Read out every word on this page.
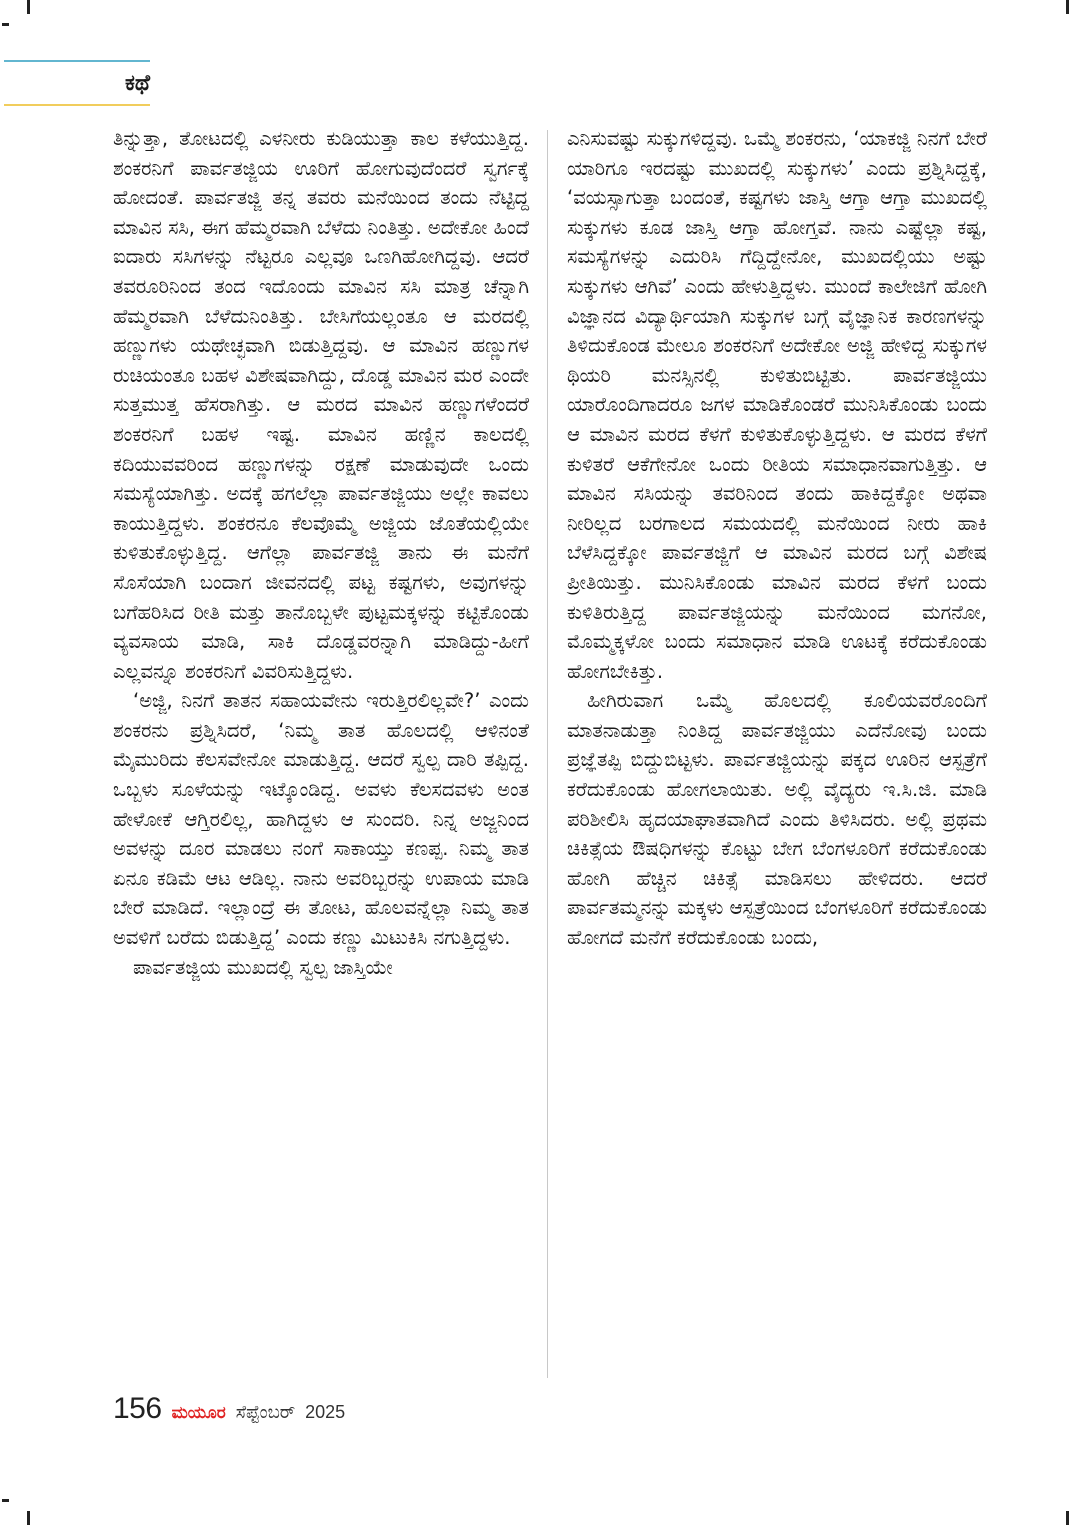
ಕಥೆ

ತಿನ್ನುತ್ತಾ, ತೋಟದಲ್ಲಿ ಎಳನೀರು ಕುಡಿಯುತ್ತಾ ಕಾಲ ಕಳೆಯುತ್ತಿದ್ದ. ಶಂಕರನಿಗೆ ಪಾರ್ವತಜ್ಜಿಯ ಊರಿಗೆ ಹೋಗುವುದೆಂದರೆ ಸ್ವರ್ಗಕ್ಕೆ ಹೋದಂತೆ. ಪಾರ್ವತಜ್ಜಿ ತನ್ನ ತವರು ಮನೆಯಿಂದ ತಂದು ನೆಟ್ಟಿದ್ದ ಮಾವಿನ ಸಸಿ, ಈಗ ಹೆಮ್ಮರವಾಗಿ ಬೆಳೆದು ನಿಂತಿತ್ತು. ಅದೇಕೋ ಹಿಂದೆ ಐದಾರು ಸಸಿಗಳನ್ನು ನೆಟ್ಟರೂ ಎಲ್ಲವೂ ಒಣಗಿಹೋಗಿದ್ದವು. ಆದರೆ ತವರೂರಿನಿಂದ ತಂದ ಇದೊಂದು ಮಾವಿನ ಸಸಿ ಮಾತ್ರ ಚೆನ್ನಾಗಿ ಹೆಮ್ಮರವಾಗಿ ಬೆಳೆದುನಿಂತಿತ್ತು. ಬೇಸಿಗೆಯಲ್ಲಂತೂ ಆ ಮರದಲ್ಲಿ ಹಣ್ಣುಗಳು ಯಥೇಚ್ಛವಾಗಿ ಬಿಡುತ್ತಿದ್ದವು. ಆ ಮಾವಿನ ಹಣ್ಣುಗಳ ರುಚಿಯಂತೂ ಬಹಳ ವಿಶೇಷವಾಗಿದ್ದು, ದೊಡ್ಡ ಮಾವಿನ ಮರ ಎಂದೇ ಸುತ್ತಮುತ್ತ ಹೆಸರಾಗಿತ್ತು. ಆ ಮರದ ಮಾವಿನ ಹಣ್ಣುಗಳೆಂದರೆ ಶಂಕರನಿಗೆ ಬಹಳ ಇಷ್ಟ. ಮಾವಿನ ಹಣ್ಣಿನ ಕಾಲದಲ್ಲಿ ಕದಿಯುವವರಿಂದ ಹಣ್ಣುಗಳನ್ನು ರಕ್ಷಣೆ ಮಾಡುವುದೇ ಒಂದು ಸಮಸ್ಯೆಯಾಗಿತ್ತು. ಅದಕ್ಕೆ ಹಗಲೆಲ್ಲಾ ಪಾರ್ವತಜ್ಜಿಯು ಅಲ್ಲೇ ಕಾವಲು ಕಾಯುತ್ತಿದ್ದಳು. ಶಂಕರನೂ ಕೆಲವೊಮ್ಮೆ ಅಜ್ಜಿಯ ಜೊತೆಯಲ್ಲಿಯೇ ಕುಳಿತುಕೊಳ್ಳುತ್ತಿದ್ದ. ಆಗೆಲ್ಲಾ ಪಾರ್ವತಜ್ಜಿ ತಾನು ಈ ಮನೆಗೆ ಸೊಸೆಯಾಗಿ ಬಂದಾಗ ಜೀವನದಲ್ಲಿ ಪಟ್ಟ ಕಷ್ಟಗಳು, ಅವುಗಳನ್ನು ಬಗೆಹರಿಸಿದ ರೀತಿ ಮತ್ತು ತಾನೊಬ್ಬಳೇ ಪುಟ್ಟಮಕ್ಕಳನ್ನು ಕಟ್ಟಿಕೊಂಡು ವ್ಯವಸಾಯ ಮಾಡಿ, ಸಾಕಿ ದೊಡ್ಡವರನ್ನಾಗಿ ಮಾಡಿದ್ದು-ಹೀಗೆ ಎಲ್ಲವನ್ನೂ ಶಂಕರನಿಗೆ ವಿವರಿಸುತ್ತಿದ್ದಳು.

‘ಅಜ್ಜಿ, ನಿನಗೆ ತಾತನ ಸಹಾಯವೇನು ಇರುತ್ತಿರಲಿಲ್ಲವೇ?’ ಎಂದು ಶಂಕರನು ಪ್ರಶ್ನಿಸಿದರೆ, ‘ನಿಮ್ಮ ತಾತ ಹೊಲದಲ್ಲಿ ಆಳಿನಂತೆ ಮೈಮುರಿದು ಕೆಲಸವೇನೋ ಮಾಡುತ್ತಿದ್ದ. ಆದರೆ ಸ್ವಲ್ಪ ದಾರಿ ತಪ್ಪಿದ್ದ. ಒಬ್ಬಳು ಸೂಳೆಯನ್ನು ಇಟ್ಕೊಂಡಿದ್ದ. ಅವಳು ಕೆಲಸದವಳು ಅಂತ ಹೇಳೋಕೆ ಆಗ್ತಿರಲಿಲ್ಲ, ಹಾಗಿದ್ದಳು ಆ ಸುಂದರಿ. ನಿನ್ನ ಅಜ್ಜನಿಂದ ಅವಳನ್ನು ದೂರ ಮಾಡಲು ನಂಗೆ ಸಾಕಾಯ್ತು ಕಣಪ್ಪ. ನಿಮ್ಮ ತಾತ ಏನೂ ಕಡಿಮೆ ಆಟ ಆಡಿಲ್ಲ. ನಾನು ಅವರಿಬ್ಬರನ್ನು ಉಪಾಯ ಮಾಡಿ ಬೇರೆ ಮಾಡಿದೆ. ಇಲ್ಲಾಂದ್ರೆ ಈ ತೋಟ, ಹೊಲವನ್ನೆಲ್ಲಾ ನಿಮ್ಮ ತಾತ ಅವಳಿಗೆ ಬರೆದು ಬಿಡುತ್ತಿದ್ದ’ ಎಂದು ಕಣ್ಣು ಮಿಟುಕಿಸಿ ನಗುತ್ತಿದ್ದಳು.

ಪಾರ್ವತಜ್ಜಿಯ ಮುಖದಲ್ಲಿ ಸ್ವಲ್ಪ ಜಾಸ್ತಿಯೇ

ಎನಿಸುವಷ್ಟು ಸುಕ್ಕುಗಳಿದ್ದವು. ಒಮ್ಮೆ ಶಂಕರನು, ‘ಯಾಕಜ್ಜಿ ನಿನಗೆ ಬೇರೆ ಯಾರಿಗೂ ಇರದಷ್ಟು ಮುಖದಲ್ಲಿ ಸುಕ್ಕುಗಳು’ ಎಂದು ಪ್ರಶ್ನಿಸಿದ್ದಕ್ಕೆ, ‘ವಯಸ್ಸಾಗುತ್ತಾ ಬಂದಂತೆ, ಕಷ್ಟಗಳು ಜಾಸ್ತಿ ಆಗ್ತಾ ಆಗ್ತಾ ಮುಖದಲ್ಲಿ ಸುಕ್ಕುಗಳು ಕೂಡ ಜಾಸ್ತಿ ಆಗ್ತಾ ಹೋಗ್ತವೆ. ನಾನು ಎಷ್ಟೆಲ್ಲಾ ಕಷ್ಟ, ಸಮಸ್ಯೆಗಳನ್ನು ಎದುರಿಸಿ ಗೆದ್ದಿದ್ದೇನೋ, ಮುಖದಲ್ಲಿಯು ಅಷ್ಟು ಸುಕ್ಕುಗಳು ಆಗಿವೆ’ ಎಂದು ಹೇಳುತ್ತಿದ್ದಳು. ಮುಂದೆ ಕಾಲೇಜಿಗೆ ಹೋಗಿ ವಿಜ್ಞಾನದ ವಿದ್ಯಾರ್ಥಿಯಾಗಿ ಸುಕ್ಕುಗಳ ಬಗ್ಗೆ ವೈಜ್ಞಾನಿಕ ಕಾರಣಗಳನ್ನು ತಿಳಿದುಕೊಂಡ ಮೇಲೂ ಶಂಕರನಿಗೆ ಅದೇಕೋ ಅಜ್ಜಿ ಹೇಳಿದ್ದ ಸುಕ್ಕುಗಳ ಥಿಯರಿ ಮನಸ್ಸಿನಲ್ಲಿ ಕುಳಿತುಬಿಟ್ಟಿತು. ಪಾರ್ವತಜ್ಜಿಯು ಯಾರೊಂದಿಗಾದರೂ ಜಗಳ ಮಾಡಿಕೊಂಡರೆ ಮುನಿಸಿಕೊಂಡು ಬಂದು ಆ ಮಾವಿನ ಮರದ ಕೆಳಗೆ ಕುಳಿತುಕೊಳ್ಳುತ್ತಿದ್ದಳು. ಆ ಮರದ ಕೆಳಗೆ ಕುಳಿತರೆ ಆಕೆಗೇನೋ ಒಂದು ರೀತಿಯ ಸಮಾಧಾನವಾಗುತ್ತಿತ್ತು. ಆ ಮಾವಿನ ಸಸಿಯನ್ನು ತವರಿನಿಂದ ತಂದು ಹಾಕಿದ್ದಕ್ಕೋ ಅಥವಾ ನೀರಿಲ್ಲದ ಬರಗಾಲದ ಸಮಯದಲ್ಲಿ ಮನೆಯಿಂದ ನೀರು ಹಾಕಿ ಬೆಳೆಸಿದ್ದಕ್ಕೋ ಪಾರ್ವತಜ್ಜಿಗೆ ಆ ಮಾವಿನ ಮರದ ಬಗ್ಗೆ ವಿಶೇಷ ಪ್ರೀತಿಯಿತ್ತು. ಮುನಿಸಿಕೊಂಡು ಮಾವಿನ ಮರದ ಕೆಳಗೆ ಬಂದು ಕುಳಿತಿರುತ್ತಿದ್ದ ಪಾರ್ವತಜ್ಜಿಯನ್ನು ಮನೆಯಿಂದ ಮಗನೋ, ಮೊಮ್ಮಕ್ಕಳೋ ಬಂದು ಸಮಾಧಾನ ಮಾಡಿ ಊಟಕ್ಕೆ ಕರೆದುಕೊಂಡು ಹೋಗಬೇಕಿತ್ತು.

ಹೀಗಿರುವಾಗ ಒಮ್ಮೆ ಹೊಲದಲ್ಲಿ ಕೂಲಿಯವರೊಂದಿಗೆ ಮಾತನಾಡುತ್ತಾ ನಿಂತಿದ್ದ ಪಾರ್ವತಜ್ಜಿಯು ಎದೆನೋವು ಬಂದು ಪ್ರಜ್ಞೆತಪ್ಪಿ ಬಿದ್ದುಬಿಟ್ಟಳು. ಪಾರ್ವತಜ್ಜಿಯನ್ನು ಪಕ್ಕದ ಊರಿನ ಆಸ್ಪತ್ರೆಗೆ ಕರೆದುಕೊಂಡು ಹೋಗಲಾಯಿತು. ಅಲ್ಲಿ ವೈದ್ಯರು ಇ.ಸಿ.ಜಿ. ಮಾಡಿ ಪರಿಶೀಲಿಸಿ ಹೃದಯಾಘಾತವಾಗಿದೆ ಎಂದು ತಿಳಿಸಿದರು. ಅಲ್ಲಿ ಪ್ರಥಮ ಚಿಕಿತ್ಸೆಯ ಔಷಧಿಗಳನ್ನು ಕೊಟ್ಟು ಬೇಗ ಬೆಂಗಳೂರಿಗೆ ಕರೆದುಕೊಂಡು ಹೋಗಿ ಹೆಚ್ಚಿನ ಚಿಕಿತ್ಸೆ ಮಾಡಿಸಲು ಹೇಳಿದರು. ಆದರೆ ಪಾರ್ವತಮ್ಮನನ್ನು ಮಕ್ಕಳು ಆಸ್ಪತ್ರೆಯಿಂದ ಬೆಂಗಳೂರಿಗೆ ಕರೆದುಕೊಂಡು ಹೋಗದೆ ಮನೆಗೆ ಕರೆದುಕೊಂಡು ಬಂದು,

156 ಮಯೂರ ಸೆಪ್ಟೆಂಬರ್ 2025
